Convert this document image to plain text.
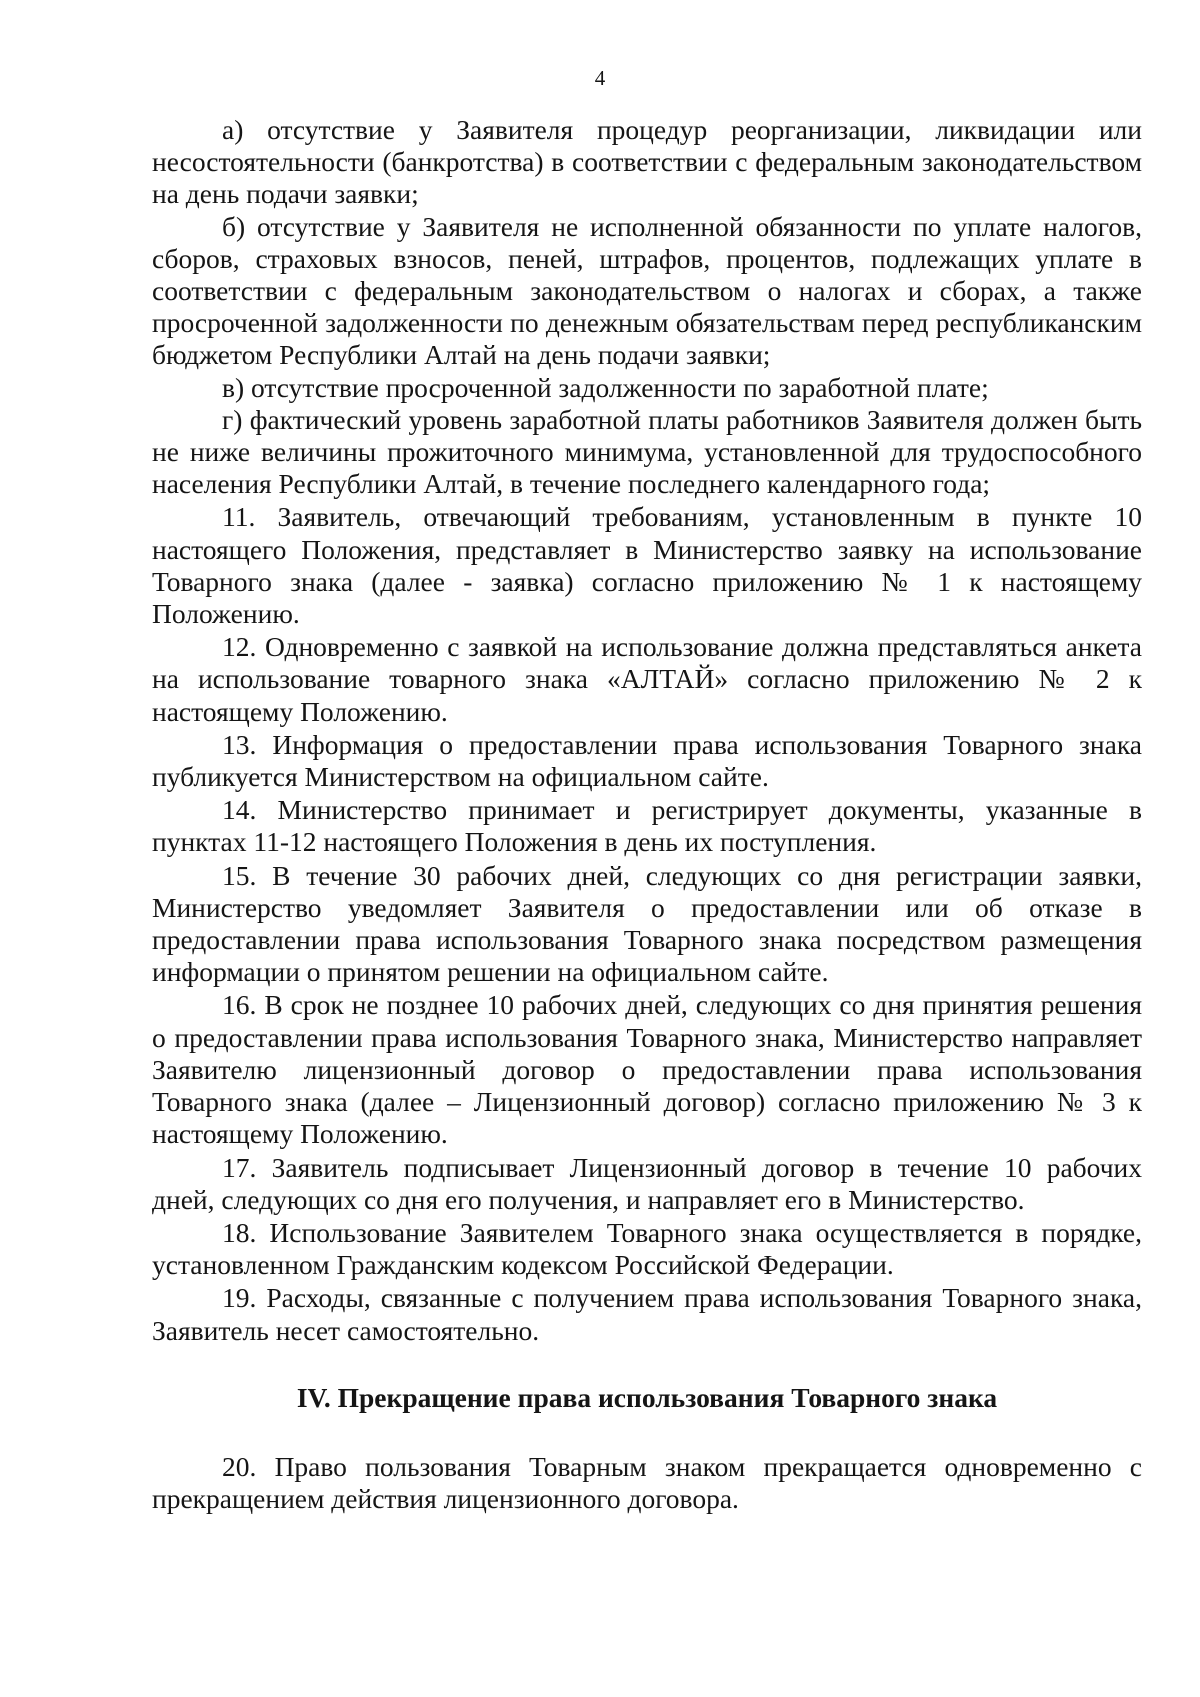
4

а) отсутствие у Заявителя процедур реорганизации, ликвидации или несостоятельности (банкротства) в соответствии с федеральным законодательством на день подачи заявки;

б) отсутствие у Заявителя не исполненной обязанности по уплате налогов, сборов, страховых взносов, пеней, штрафов, процентов, подлежащих уплате в соответствии с федеральным законодательством о налогах и сборах, а также просроченной задолженности по денежным обязательствам перед республиканским бюджетом Республики Алтай на день подачи заявки;

в) отсутствие просроченной задолженности по заработной плате;

г) фактический уровень заработной платы работников Заявителя должен быть не ниже величины прожиточного минимума, установленной для трудоспособного населения Республики Алтай, в течение последнего календарного года;

11. Заявитель, отвечающий требованиям, установленным в пункте 10 настоящего Положения, представляет в Министерство заявку на использование Товарного знака (далее - заявка) согласно приложению № 1 к настоящему Положению.

12. Одновременно с заявкой на использование должна представляться анкета на использование товарного знака «АЛТАЙ» согласно приложению № 2 к настоящему Положению.

13. Информация о предоставлении права использования Товарного знака публикуется Министерством на официальном сайте.

14. Министерство принимает и регистрирует документы, указанные в пунктах 11-12 настоящего Положения в день их поступления.

15. В течение 30 рабочих дней, следующих со дня регистрации заявки, Министерство уведомляет Заявителя о предоставлении или об отказе в предоставлении права использования Товарного знака посредством размещения информации о принятом решении на официальном сайте.

16. В срок не позднее 10 рабочих дней, следующих со дня принятия решения о предоставлении права использования Товарного знака, Министерство направляет Заявителю лицензионный договор о предоставлении права использования Товарного знака (далее – Лицензионный договор) согласно приложению № 3 к настоящему Положению.

17. Заявитель подписывает Лицензионный договор в течение 10 рабочих дней, следующих со дня его получения, и направляет его в Министерство.

18. Использование Заявителем Товарного знака осуществляется в порядке, установленном Гражданским кодексом Российской Федерации.

19. Расходы, связанные с получением права использования Товарного знака, Заявитель несет самостоятельно.

IV. Прекращение права использования Товарного знака

20. Право пользования Товарным знаком прекращается одновременно с прекращением действия лицензионного договора.
